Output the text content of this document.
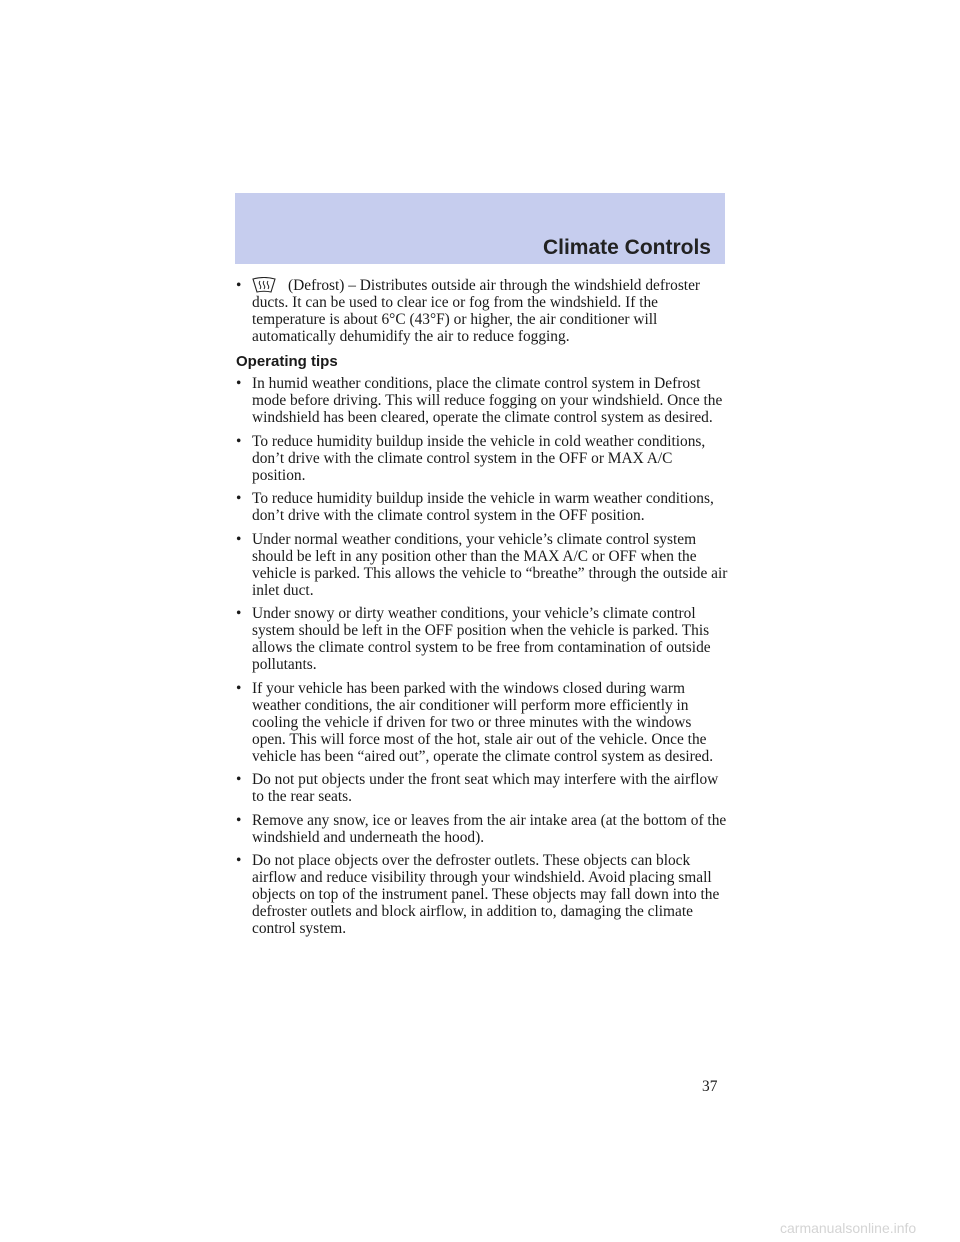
Climate Controls
•	(Defrost) – Distributes outside air through the windshield defroster ducts. It can be used to clear ice or fog from the windshield. If the temperature is about 6°C (43°F) or higher, the air conditioner will automatically dehumidify the air to reduce fogging.
Operating tips
• In humid weather conditions, place the climate control system in Defrost mode before driving. This will reduce fogging on your windshield. Once the windshield has been cleared, operate the climate control system as desired.
• To reduce humidity buildup inside the vehicle in cold weather conditions, don’t drive with the climate control system in the OFF or MAX A/C position.
• To reduce humidity buildup inside the vehicle in warm weather conditions, don’t drive with the climate control system in the OFF position.
• Under normal weather conditions, your vehicle’s climate control system should be left in any position other than the MAX A/C or OFF when the vehicle is parked. This allows the vehicle to “breathe” through the outside air inlet duct.
• Under snowy or dirty weather conditions, your vehicle’s climate control system should be left in the OFF position when the vehicle is parked. This allows the climate control system to be free from contamination of outside pollutants.
• If your vehicle has been parked with the windows closed during warm weather conditions, the air conditioner will perform more efficiently in cooling the vehicle if driven for two or three minutes with the windows open. This will force most of the hot, stale air out of the vehicle. Once the vehicle has been “aired out”, operate the climate control system as desired.
• Do not put objects under the front seat which may interfere with the airflow to the rear seats.
• Remove any snow, ice or leaves from the air intake area (at the bottom of the windshield and underneath the hood).
• Do not place objects over the defroster outlets. These objects can block airflow and reduce visibility through your windshield. Avoid placing small objects on top of the instrument panel. These objects may fall down into the defroster outlets and block airflow, in addition to, damaging the climate control system.
37
carmanualsonline.info
